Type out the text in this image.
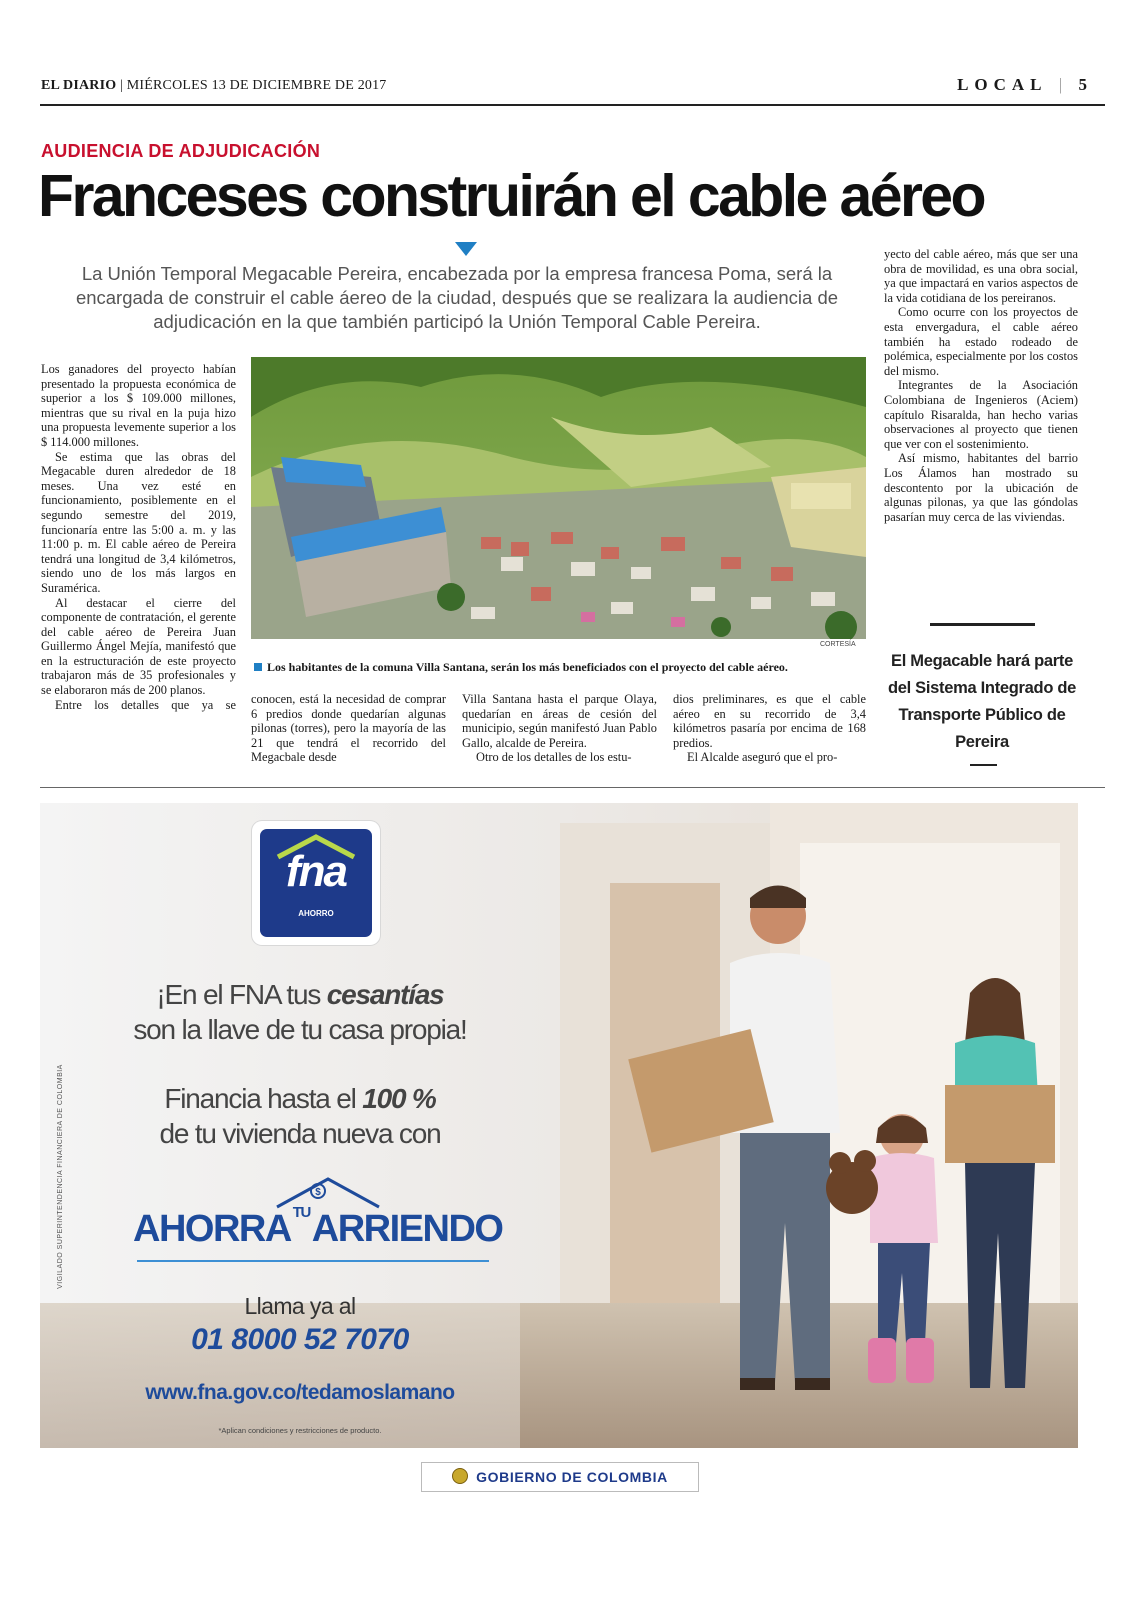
EL DIARIO | MIÉRCOLES 13 DE DICIEMBRE DE 2017	LOCAL | 5
AUDIENCIA DE ADJUDICACIÓN
Franceses construirán el cable aéreo
La Unión Temporal Megacable Pereira, encabezada por la empresa francesa Poma, será la encargada de construir el cable áereo de la ciudad, después que se realizara la audiencia de adjudicación en la que también participó la Unión Temporal Cable Pereira.

Los ganadores del proyecto habían presentado la propuesta económica de superior a los $ 109.000 millones, mientras que su rival en la puja hizo una propuesta levemente superior a los $ 114.000 millones.

Se estima que las obras del Megacable duren alrededor de 18 meses. Una vez esté en funcionamiento, posiblemente en el segundo semestre del 2019, funcionaría entre las 5:00 a. m. y las 11:00 p. m. El cable aéreo de Pereira tendrá una longitud de 3,4 kilómetros, siendo uno de los más largos en Suramérica.

Al destacar el cierre del componente de contratación, el gerente del cable aéreo de Pereira Juan Guillermo Ángel Mejía, manifestó que en la estructuración de este proyecto trabajaron más de 35 profesionales y se elaboraron más de 200 planos.

Entre los detalles que ya se

CORTESÍA
Los habitantes de la comuna Villa Santana, serán los más beneficiados con el proyecto del cable aéreo.

conocen, está la necesidad de comprar 6 predios donde quedarían algunas pilonas (torres), pero la mayoría de las 21 que tendrá el recorrido del Megacbale desde

Villa Santana hasta el parque Olaya, quedarían en áreas de cesión del municipio, según manifestó Juan Pablo Gallo, alcalde de Pereira.

Otro de los detalles de los estu-

dios preliminares, es que el cable aéreo en su recorrido de 3,4 kilómetros pasaría por encima de 168 predios.

El Alcalde aseguró que el pro-

yecto del cable aéreo, más que ser una obra de movilidad, es una obra social, ya que impactará en varios aspectos de la vida cotidiana de los pereiranos.

Como ocurre con los proyectos de esta envergadura, el cable aéreo también ha estado rodeado de polémica, especialmente por los costos del mismo.

Integrantes de la Asociación Colombiana de Ingenieros (Aciem) capítulo Risaralda, han hecho varias observaciones al proyecto que tienen que ver con el sostenimiento.

Así mismo, habitantes del barrio Los Álamos han mostrado su descontento por la ubicación de algunas pilonas, ya que las góndolas pasarían muy cerca de las viviendas.

El Megacable hará parte del Sistema Integrado de Transporte Público de Pereira
fna
AHORRO
¡En el FNA tus cesantías
son la llave de tu casa propia!
Financia hasta el 100 %
de tu vivienda nueva con
$
AHORRA $^{TU}$ARRIENDO
Llama ya al
01 8000 52 7070
www.fna.gov.co/tedamoslamano
*Aplican condiciones y restricciones de producto.
VIGILADO SUPERINTENDENCIA FINANCIERA DE COLOMBIA
GOBIERNO DE COLOMBIA
